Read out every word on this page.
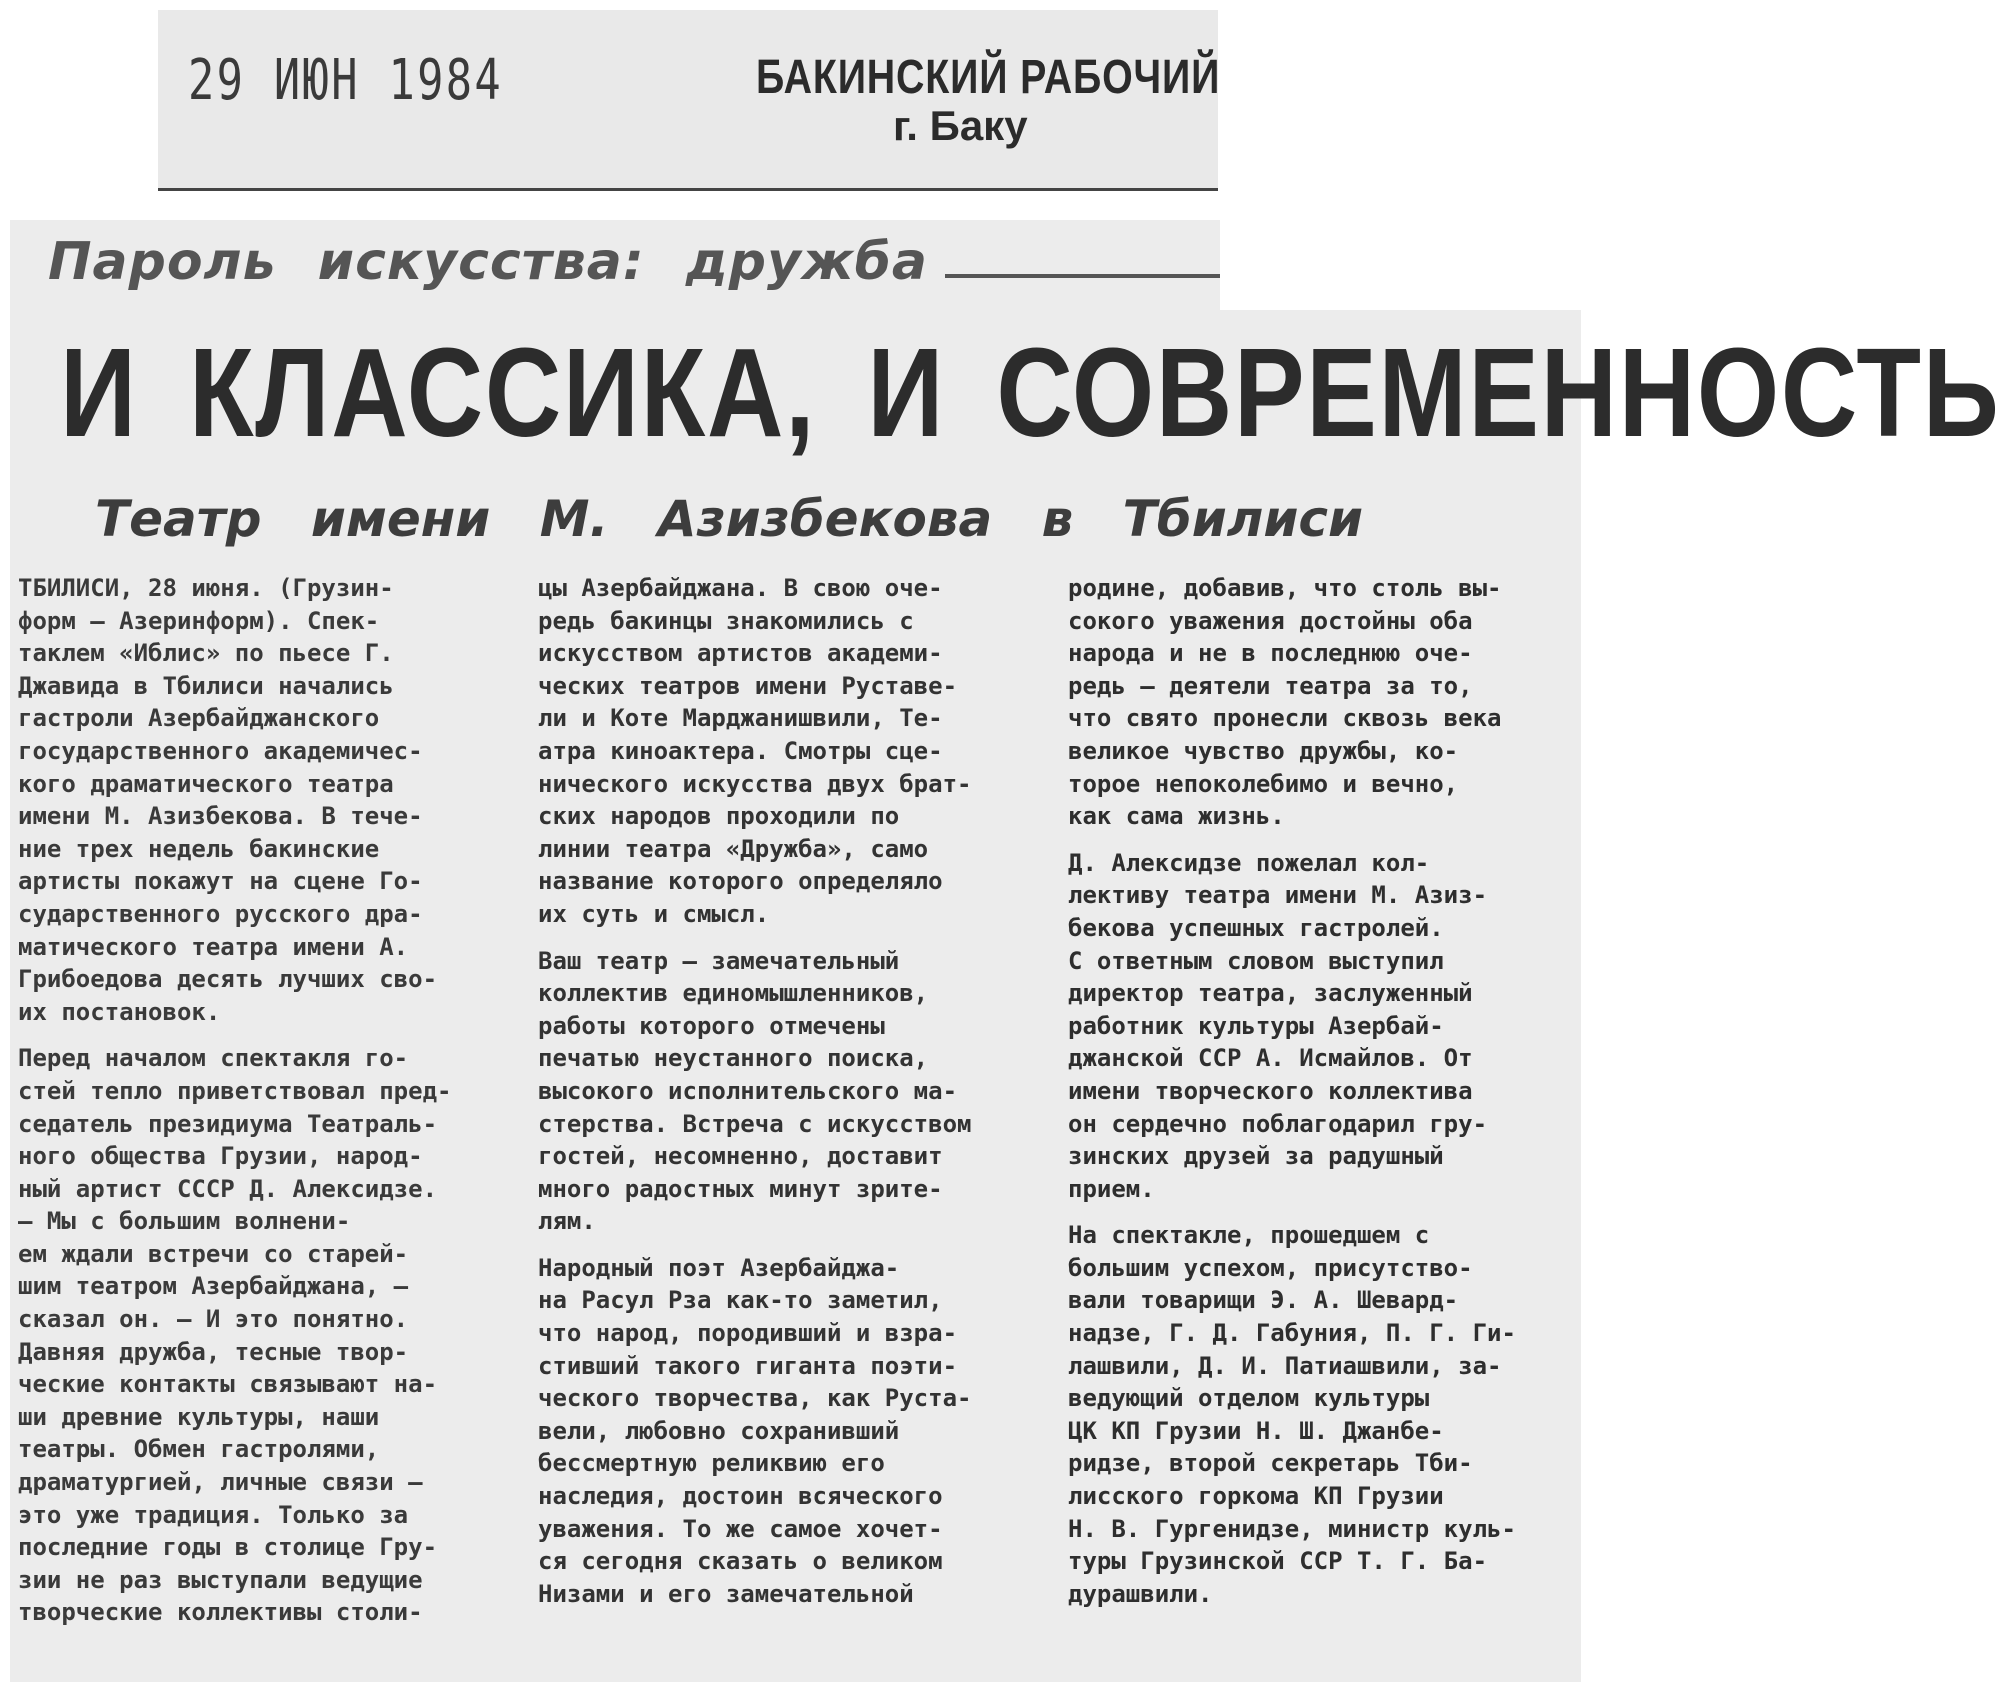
29 ИЮН 1984	БАКИНСКИЙ РАБОЧИЙ
г. Баку
Пароль искусства: дружба
И КЛАССИКА, И СОВРЕМЕННОСТЬ
Театр имени М. Азизбекова в Тбилиси

ТБИЛИСИ, 28 июня. (Грузин-
форм — Азеринформ). Спек-
таклем «Иблис» по пьесе Г.
Джавида в Тбилиси начались
гастроли Азербайджанского
государственного академичес-
кого драматического театра
имени М. Азизбекова. В тече-
ние трех недель бакинские
артисты покажут на сцене Го-
сударственного русского дра-
матического театра имени А.
Грибоедова десять лучших сво-
их постановок.

Перед началом спектакля го-
стей тепло приветствовал пред-
седатель президиума Театраль-
ного общества Грузии, народ-
ный артист СССР Д. Алексидзе.
— Мы с большим волнени-
ем ждали встречи со старей-
шим театром Азербайджана, —
сказал он. — И это понятно.
Давняя дружба, тесные твор-
ческие контакты связывают на-
ши древние культуры, наши
театры. Обмен гастролями,
драматургией, личные связи —
это уже традиция. Только за
последние годы в столице Гру-
зии не раз выступали ведущие
творческие коллективы столи-

цы Азербайджана. В свою оче-
редь бакинцы знакомились с
искусством артистов академи-
ческих театров имени Руставе-
ли и Коте Марджанишвили, Те-
атра киноактера. Смотры сце-
нического искусства двух брат-
ских народов проходили по
линии театра «Дружба», само
название которого определяло
их суть и смысл.

Ваш театр — замечательный
коллектив единомышленников,
работы которого отмечены
печатью неустанного поиска,
высокого исполнительского ма-
стерства. Встреча с искусством
гостей, несомненно, доставит
много радостных минут зрите-
лям.

Народный поэт Азербайджа-
на Расул Рза как-то заметил,
что народ, породивший и взра-
стивший такого гиганта поэти-
ческого творчества, как Руста-
вели, любовно сохранивший
бессмертную реликвию его
наследия, достоин всяческого
уважения. То же самое хочет-
ся сегодня сказать о великом
Низами и его замечательной

родине, добавив, что столь вы-
сокого уважения достойны оба
народа и не в последнюю оче-
редь — деятели театра за то,
что свято пронесли сквозь века
великое чувство дружбы, ко-
торое непоколебимо и вечно,
как сама жизнь.

Д. Алексидзе пожелал кол-
лективу театра имени М. Азиз-
бекова успешных гастролей.

С ответным словом выступил
директор театра, заслуженный
работник культуры Азербай-
джанской ССР А. Исмайлов. От
имени творческого коллектива
он сердечно поблагодарил гру-
зинских друзей за радушный
прием.

На спектакле, прошедшем с
большим успехом, присутство-
вали товарищи Э. А. Шевард-
надзе, Г. Д. Габуния, П. Г. Ги-
лашвили, Д. И. Патиашвили, за-
ведующий отделом культуры
ЦК КП Грузии Н. Ш. Джанбе-
ридзе, второй секретарь Тби-
лисского горкома КП Грузии
Н. В. Гургенидзе, министр куль-
туры Грузинской ССР Т. Г. Ба-
дурашвили.
